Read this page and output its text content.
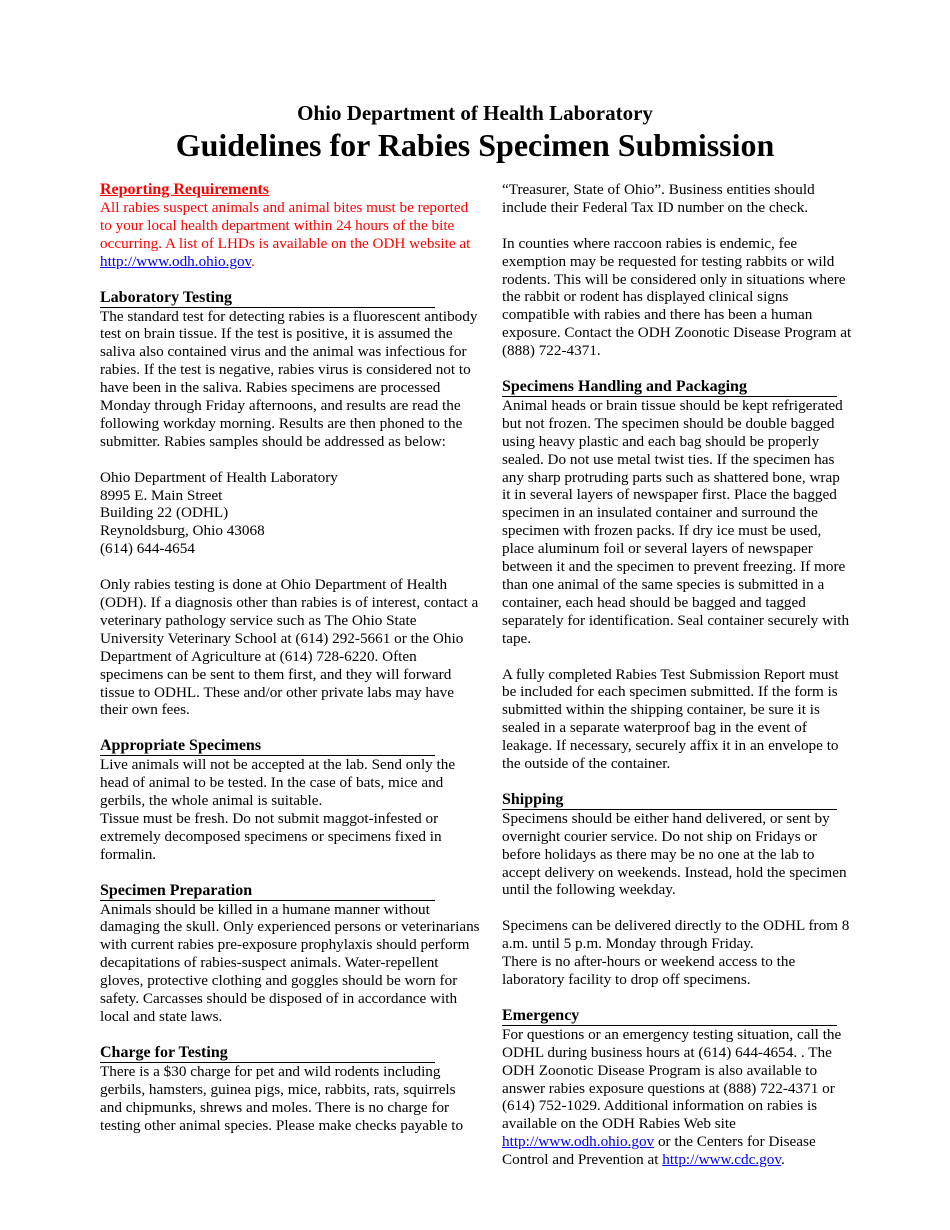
Ohio Department of Health Laboratory
Guidelines for Rabies Specimen Submission
Reporting Requirements

All rabies suspect animals and animal bites must be reported to your local health department within 24 hours of the bite occurring. A list of LHDs is available on the ODH website at http://www.odh.ohio.gov.

Laboratory Testing

The standard test for detecting rabies is a fluorescent antibody test on brain tissue. If the test is positive, it is assumed the saliva also contained virus and the animal was infectious for rabies. If the test is negative, rabies virus is considered not to have been in the saliva. Rabies specimens are processed Monday through Friday afternoons, and results are read the following workday morning. Results are then phoned to the submitter. Rabies samples should be addressed as below:

Ohio Department of Health Laboratory
8995 E. Main Street
Building 22 (ODHL)
Reynoldsburg, Ohio 43068
(614) 644-4654

Only rabies testing is done at Ohio Department of Health (ODH). If a diagnosis other than rabies is of interest, contact a veterinary pathology service such as The Ohio State University Veterinary School at (614) 292-5661 or the Ohio Department of Agriculture at (614) 728-6220. Often specimens can be sent to them first, and they will forward tissue to ODHL. These and/or other private labs may have their own fees.

Appropriate Specimens

Live animals will not be accepted at the lab. Send only the head of animal to be tested. In the case of bats, mice and gerbils, the whole animal is suitable.

Tissue must be fresh. Do not submit maggot-infested or extremely decomposed specimens or specimens fixed in formalin.

Specimen Preparation

Animals should be killed in a humane manner without damaging the skull. Only experienced persons or veterinarians with current rabies pre-exposure prophylaxis should perform decapitations of rabies-suspect animals. Water-repellent gloves, protective clothing and goggles should be worn for safety. Carcasses should be disposed of in accordance with local and state laws.

Charge for Testing

There is a $30 charge for pet and wild rodents including gerbils, hamsters, guinea pigs, mice, rabbits, rats, squirrels and chipmunks, shrews and moles. There is no charge for testing other animal species. Please make checks payable to

“Treasurer, State of Ohio”. Business entities should include their Federal Tax ID number on the check.

In counties where raccoon rabies is endemic, fee exemption may be requested for testing rabbits or wild rodents. This will be considered only in situations where the rabbit or rodent has displayed clinical signs compatible with rabies and there has been a human exposure. Contact the ODH Zoonotic Disease Program at (888) 722-4371.

Specimens Handling and Packaging

Animal heads or brain tissue should be kept refrigerated but not frozen. The specimen should be double bagged using heavy plastic and each bag should be properly sealed. Do not use metal twist ties. If the specimen has any sharp protruding parts such as shattered bone, wrap it in several layers of newspaper first. Place the bagged specimen in an insulated container and surround the specimen with frozen packs. If dry ice must be used, place aluminum foil or several layers of newspaper between it and the specimen to prevent freezing. If more than one animal of the same species is submitted in a container, each head should be bagged and tagged separately for identification. Seal container securely with tape.

A fully completed Rabies Test Submission Report must be included for each specimen submitted. If the form is submitted within the shipping container, be sure it is sealed in a separate waterproof bag in the event of leakage. If necessary, securely affix it in an envelope to the outside of the container.

Shipping

Specimens should be either hand delivered, or sent by overnight courier service. Do not ship on Fridays or before holidays as there may be no one at the lab to accept delivery on weekends. Instead, hold the specimen until the following weekday.

Specimens can be delivered directly to the ODHL from 8 a.m. until 5 p.m. Monday through Friday.

There is no after-hours or weekend access to the laboratory facility to drop off specimens.

Emergency

For questions or an emergency testing situation, call the ODHL during business hours at (614) 644-4654. . The ODH Zoonotic Disease Program is also available to answer rabies exposure questions at (888) 722-4371 or (614) 752-1029. Additional information on rabies is available on the ODH Rabies Web site http://www.odh.ohio.gov or the Centers for Disease Control and Prevention at http://www.cdc.gov.
